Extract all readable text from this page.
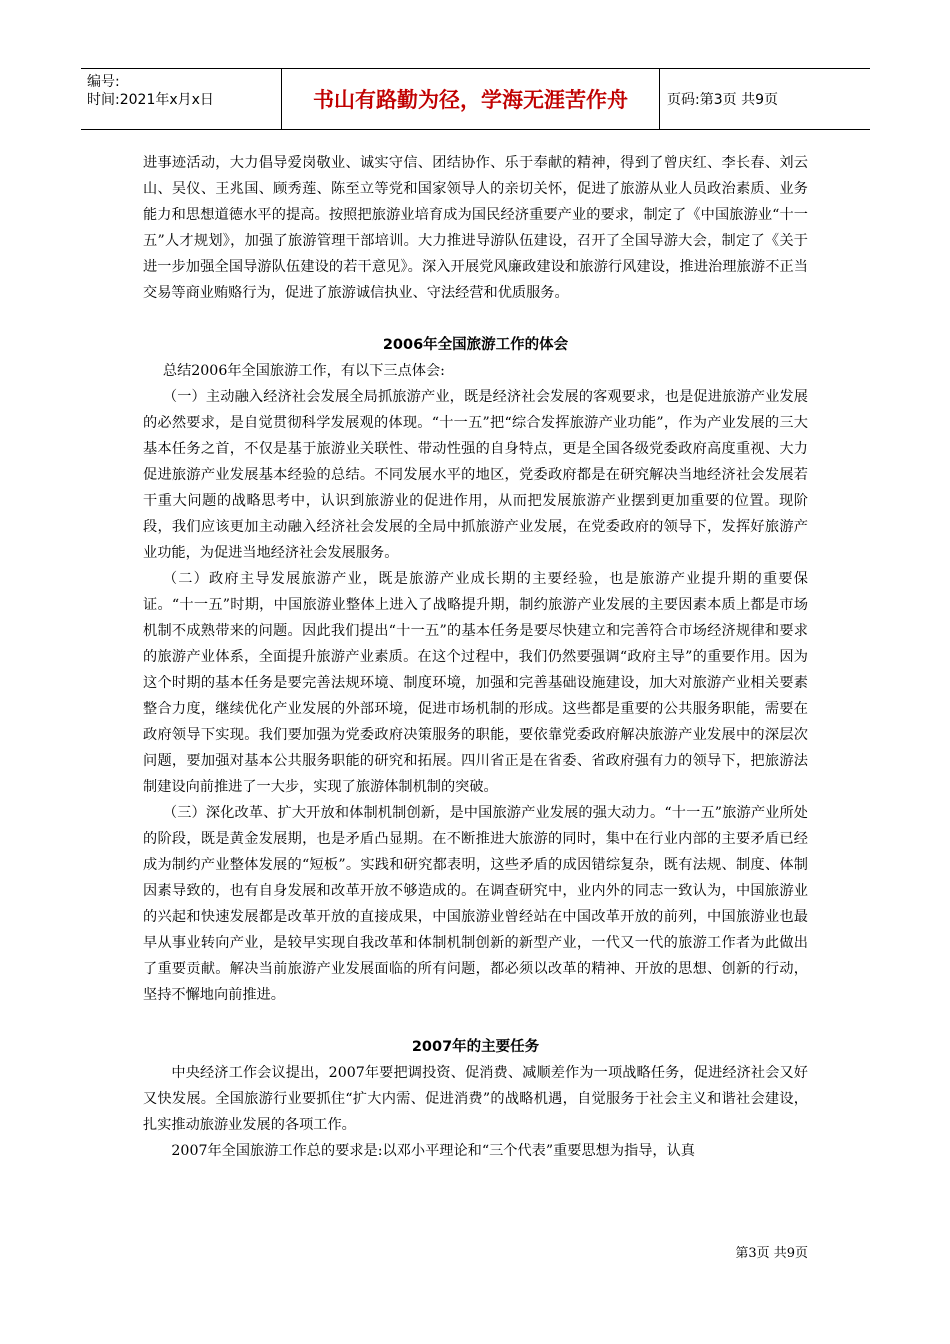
编号:
时间:2021年x月x日	书山有路勤为径，学海无涯苦作舟	页码:第3页 共9页

进事迹活动，大力倡导爱岗敬业、诚实守信、团结协作、乐于奉献的精神，得到了曾庆红、李长春、刘云山、吴仪、王兆国、顾秀莲、陈至立等党和国家领导人的亲切关怀，促进了旅游从业人员政治素质、业务能力和思想道德水平的提高。按照把旅游业培育成为国民经济重要产业的要求，制定了《中国旅游业“十一五”人才规划》，加强了旅游管理干部培训。大力推进导游队伍建设，召开了全国导游大会，制定了《关于进一步加强全国导游队伍建设的若干意见》。深入开展党风廉政建设和旅游行风建设，推进治理旅游不正当交易等商业贿赂行为，促进了旅游诚信执业、守法经营和优质服务。

2006年全国旅游工作的体会

总结2006年全国旅游工作，有以下三点体会:

（一）主动融入经济社会发展全局抓旅游产业，既是经济社会发展的客观要求，也是促进旅游产业发展的必然要求，是自觉贯彻科学发展观的体现。“十一五”把“综合发挥旅游产业功能”，作为产业发展的三大基本任务之首，不仅是基于旅游业关联性、带动性强的自身特点，更是全国各级党委政府高度重视、大力促进旅游产业发展基本经验的总结。不同发展水平的地区，党委政府都是在研究解决当地经济社会发展若干重大问题的战略思考中，认识到旅游业的促进作用，从而把发展旅游产业摆到更加重要的位置。现阶段，我们应该更加主动融入经济社会发展的全局中抓旅游产业发展，在党委政府的领导下，发挥好旅游产业功能，为促进当地经济社会发展服务。

（二）政府主导发展旅游产业，既是旅游产业成长期的主要经验，也是旅游产业提升期的重要保证。“十一五”时期，中国旅游业整体上进入了战略提升期，制约旅游产业发展的主要因素本质上都是市场机制不成熟带来的问题。因此我们提出“十一五”的基本任务是要尽快建立和完善符合市场经济规律和要求的旅游产业体系，全面提升旅游产业素质。在这个过程中，我们仍然要强调“政府主导”的重要作用。因为这个时期的基本任务是要完善法规环境、制度环境，加强和完善基础设施建设，加大对旅游产业相关要素整合力度，继续优化产业发展的外部环境，促进市场机制的形成。这些都是重要的公共服务职能，需要在政府领导下实现。我们要加强为党委政府决策服务的职能，要依靠党委政府解决旅游产业发展中的深层次问题，要加强对基本公共服务职能的研究和拓展。四川省正是在省委、省政府强有力的领导下，把旅游法制建设向前推进了一大步，实现了旅游体制机制的突破。

（三）深化改革、扩大开放和体制机制创新，是中国旅游产业发展的强大动力。“十一五”旅游产业所处的阶段，既是黄金发展期，也是矛盾凸显期。在不断推进大旅游的同时，集中在行业内部的主要矛盾已经成为制约产业整体发展的“短板”。实践和研究都表明，这些矛盾的成因错综复杂，既有法规、制度、体制因素导致的，也有自身发展和改革开放不够造成的。在调查研究中，业内外的同志一致认为，中国旅游业的兴起和快速发展都是改革开放的直接成果，中国旅游业曾经站在中国改革开放的前列，中国旅游业也最早从事业转向产业，是较早实现自我改革和体制机制创新的新型产业，一代又一代的旅游工作者为此做出了重要贡献。解决当前旅游产业发展面临的所有问题，都必须以改革的精神、开放的思想、创新的行动，坚持不懈地向前推进。

2007年的主要任务

中央经济工作会议提出，2007年要把调投资、促消费、减顺差作为一项战略任务，促进经济社会又好又快发展。全国旅游行业要抓住“扩大内需、促进消费”的战略机遇，自觉服务于社会主义和谐社会建设，扎实推动旅游业发展的各项工作。

2007年全国旅游工作总的要求是:以邓小平理论和“三个代表”重要思想为指导，认真

第3页 共9页
